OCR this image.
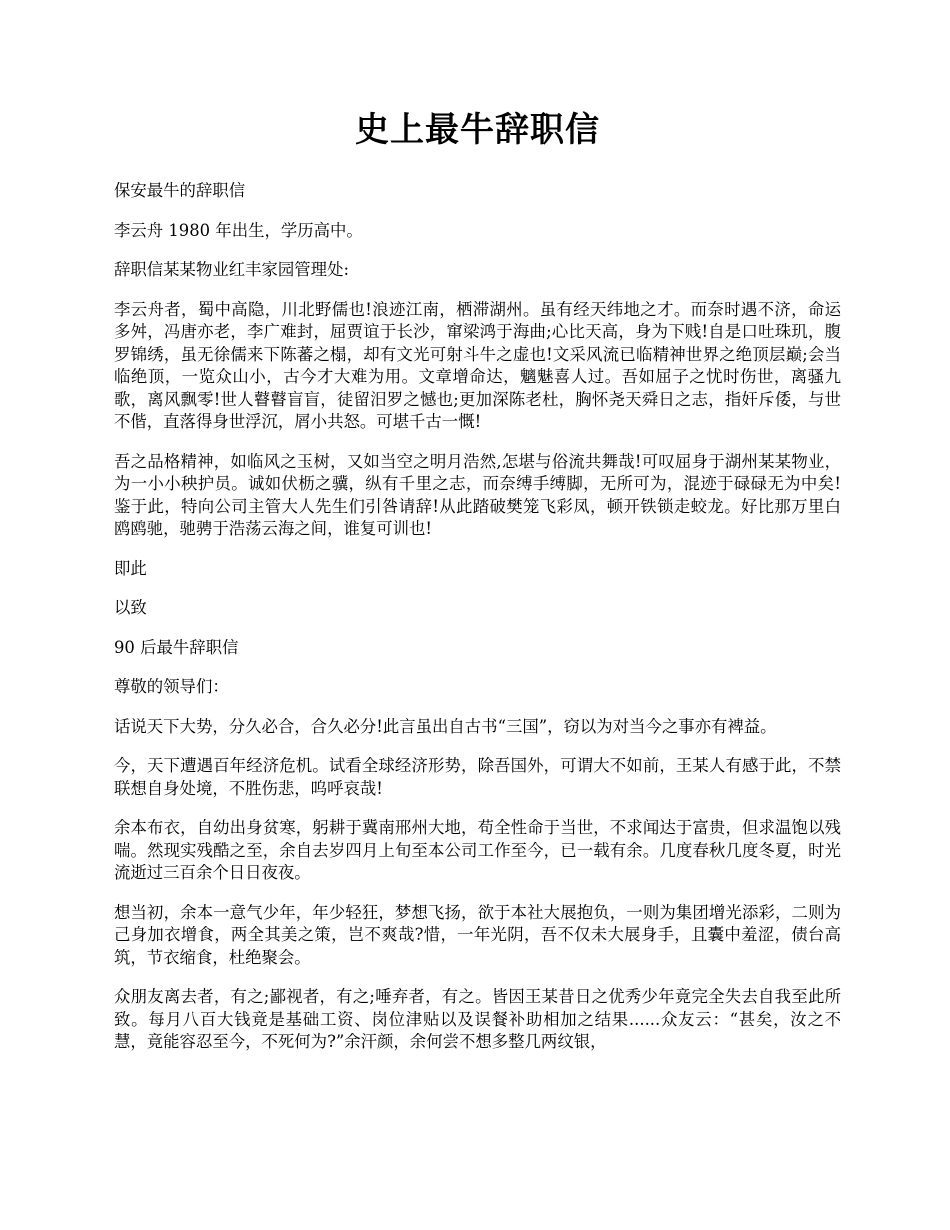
史上最牛辞职信

保安最牛的辞职信

李云舟 1980 年出生，学历高中。

辞职信某某物业红丰家园管理处:

李云舟者，蜀中高隐，川北野儒也!浪迹江南，栖滞湖州。虽有经天纬地之才。而奈时遇不济，命运多舛，冯唐亦老，李广难封，屈贾谊于长沙，窜梁鸿于海曲;心比天高，身为下贱!自是口吐珠玑，腹罗锦绣，虽无徐儒来下陈蕃之榻，却有文光可射斗牛之虚也!文采风流已临精神世界之绝顶层巅;会当临绝顶，一览众山小，古今才大难为用。文章增命达，魑魅喜人过。吾如屈子之忧时伤世，离骚九歌，离风飘零!世人瞽瞽盲盲，徒留汨罗之憾也;更加深陈老杜，胸怀尧天舜日之志，指奸斥倭，与世不偕，直落得身世浮沉，屑小共怒。可堪千古一慨!

吾之品格精神，如临风之玉树，又如当空之明月浩然,怎堪与俗流共舞哉!可叹屈身于湖州某某物业，为一小小秧护员。诚如伏枥之骥，纵有千里之志，而奈缚手缚脚，无所可为，混迹于碌碌无为中矣!鉴于此，特向公司主管大人先生们引咎请辞!从此踏破樊笼飞彩凤，顿开铁锁走蛟龙。好比那万里白鸥鸥驰，驰骋于浩荡云海之间，谁复可训也!

即此

以致

90 后最牛辞职信

尊敬的领导们：

话说天下大势，分久必合，合久必分!此言虽出自古书“三国”，窃以为对当今之事亦有裨益。

今，天下遭遇百年经济危机。试看全球经济形势，除吾国外，可谓大不如前，王某人有感于此，不禁联想自身处境，不胜伤悲，呜呼哀哉!

余本布衣，自幼出身贫寒，躬耕于冀南邢州大地，苟全性命于当世，不求闻达于富贵，但求温饱以残喘。然现实残酷之至，余自去岁四月上旬至本公司工作至今，已一载有余。几度春秋几度冬夏，时光流逝过三百余个日日夜夜。

想当初，余本一意气少年，年少轻狂，梦想飞扬，欲于本社大展抱负，一则为集团增光添彩，二则为己身加衣增食，两全其美之策，岂不爽哉?惜，一年光阴，吾不仅未大展身手，且囊中羞涩，债台高筑，节衣缩食，杜绝聚会。

众朋友离去者，有之;鄙视者，有之;唾弃者，有之。皆因王某昔日之优秀少年竟完全失去自我至此所致。每月八百大钱竟是基础工资、岗位津贴以及误餐补助相加之结果......众友云：“甚矣，汝之不慧，竟能容忍至今，不死何为?”余汗颜，余何尝不想多整几两纹银，
